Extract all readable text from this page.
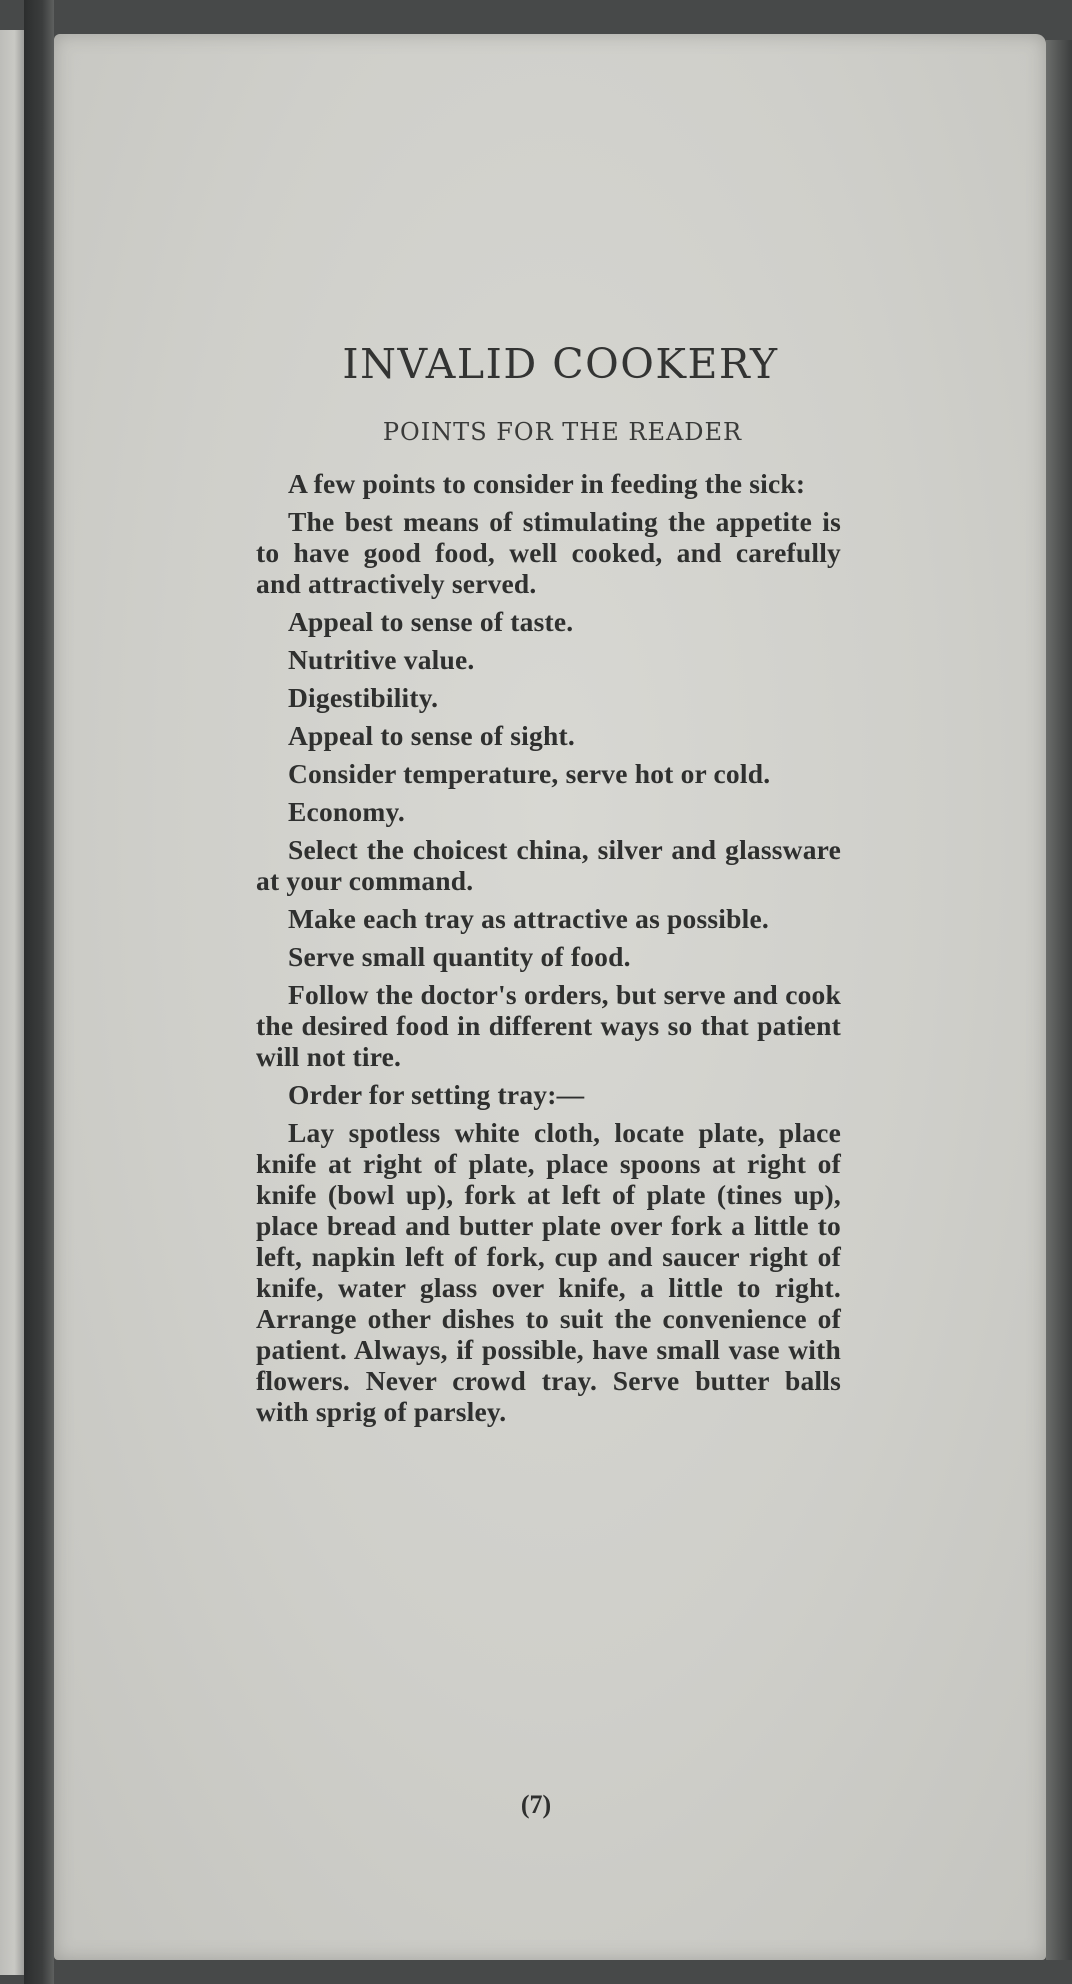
INVALID COOKERY
POINTS FOR THE READER

A few points to consider in feeding the sick:

The best means of stimulating the appetite is to have good food, well cooked, and carefully and attractively served.

Appeal to sense of taste.

Nutritive value.

Digestibility.

Appeal to sense of sight.

Consider temperature, serve hot or cold.

Economy.

Select the choicest china, silver and glassware at your command.

Make each tray as attractive as possible.

Serve small quantity of food.

Follow the doctor's orders, but serve and cook the desired food in different ways so that patient will not tire.

Order for setting tray:—

Lay spotless white cloth, locate plate, place knife at right of plate, place spoons at right of knife (bowl up), fork at left of plate (tines up), place bread and butter plate over fork a little to left, napkin left of fork, cup and saucer right of knife, water glass over knife, a little to right. Arrange other dishes to suit the convenience of patient. Always, if possible, have small vase with flowers. Never crowd tray. Serve butter balls with sprig of parsley.

(7)
